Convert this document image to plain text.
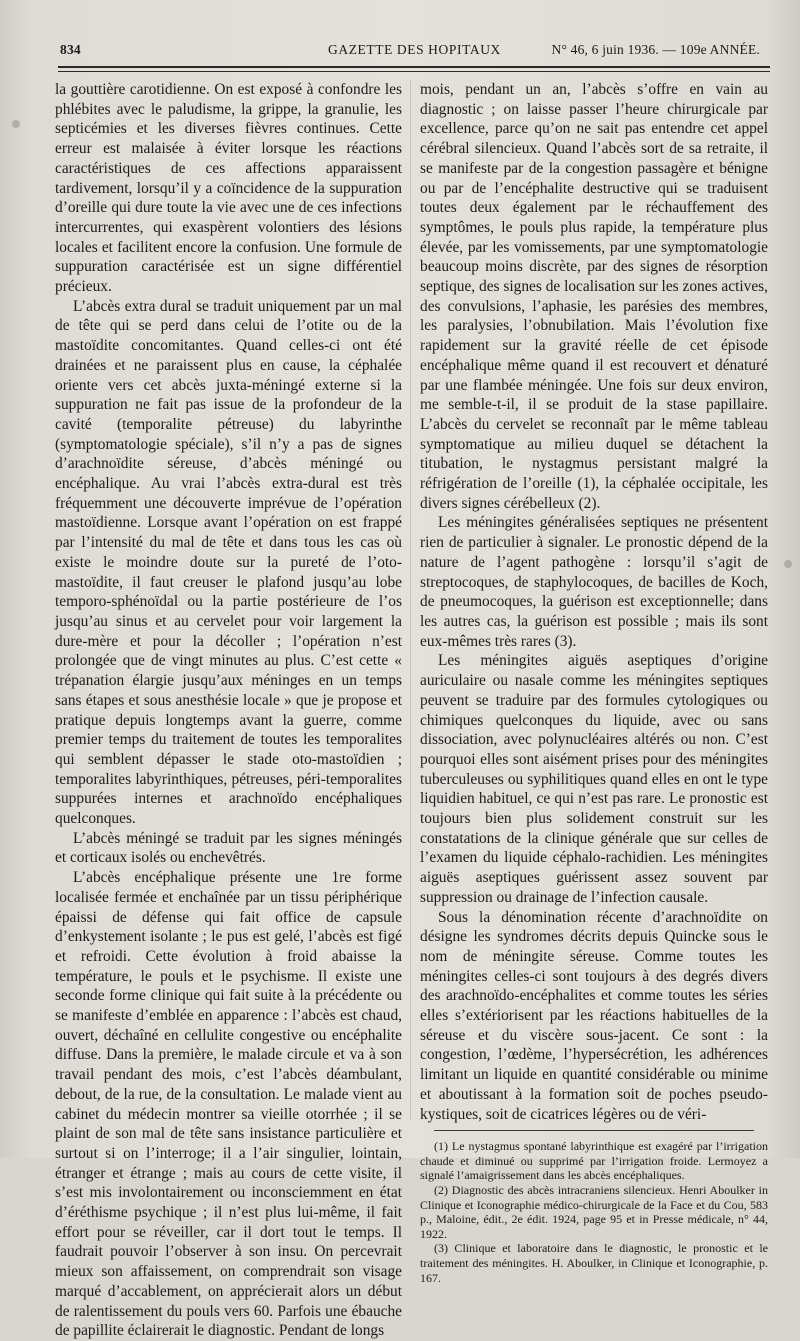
834	GAZETTE DES HOPITAUX	N° 46, 6 juin 1936. — 109e ANNÉE.

la gouttière carotidienne. On est exposé à confondre les phlébites avec le paludisme, la grippe, la granulie, les septicémies et les diverses fièvres continues. Cette erreur est malaisée à éviter lorsque les réactions caractéristiques de ces affections apparaissent tardivement, lorsqu’il y a coïncidence de la suppuration d’oreille qui dure toute la vie avec une de ces infections intercurrentes, qui exaspèrent volontiers des lésions locales et facilitent encore la confusion. Une formule de suppuration caractérisée est un signe différentiel précieux.

L’abcès extra dural se traduit uniquement par un mal de tête qui se perd dans celui de l’otite ou de la mastoïdite concomitantes. Quand celles-ci ont été drainées et ne paraissent plus en cause, la céphalée oriente vers cet abcès juxta-méningé externe si la suppuration ne fait pas issue de la profondeur de la cavité (temporalite pétreuse) du labyrinthe (symptomatologie spéciale), s’il n’y a pas de signes d’arachnoïdite séreuse, d’abcès méningé ou encéphalique. Au vrai l’abcès extra-dural est très fréquemment une découverte imprévue de l’opération mastoïdienne. Lorsque avant l’opération on est frappé par l’intensité du mal de tête et dans tous les cas où existe le moindre doute sur la pureté de l’oto-mastoïdite, il faut creuser le plafond jusqu’au lobe temporo-sphénoïdal ou la partie postérieure de l’os jusqu’au sinus et au cervelet pour voir largement la dure-mère et pour la décoller ; l’opération n’est prolongée que de vingt minutes au plus. C’est cette « trépanation élargie jusqu’aux méninges en un temps sans étapes et sous anesthésie locale » que je propose et pratique depuis longtemps avant la guerre, comme premier temps du traitement de toutes les temporalites qui semblent dépasser le stade oto-mastoïdien ; temporalites labyrinthiques, pétreuses, péri-temporalites suppurées internes et arachnoïdo encéphaliques quelconques.

L’abcès méningé se traduit par les signes méningés et corticaux isolés ou enchevêtrés.

L’abcès encéphalique présente une 1re forme localisée fermée et enchaînée par un tissu périphérique épaissi de défense qui fait office de capsule d’enkystement isolante ; le pus est gelé, l’abcès est figé et refroidi. Cette évolution à froid abaisse la température, le pouls et le psychisme. Il existe une seconde forme clinique qui fait suite à la précédente ou se manifeste d’emblée en apparence : l’abcès est chaud, ouvert, déchaîné en cellulite congestive ou encéphalite diffuse. Dans la première, le malade circule et va à son travail pendant des mois, c’est l’abcès déambulant, debout, de la rue, de la consultation. Le malade vient au cabinet du médecin montrer sa vieille otorrhée ; il se plaint de son mal de tête sans insistance particulière et surtout si on l’interroge; il a l’air singulier, lointain, étranger et étrange ; mais au cours de cette visite, il s’est mis involontairement ou inconsciemment en état d’éréthisme psychique ; il n’est plus lui-même, il fait effort pour se réveiller, car il dort tout le temps. Il faudrait pouvoir l’observer à son insu. On percevrait mieux son affaissement, on comprendrait son visage marqué d’accablement, on apprécierait alors un début de ralentissement du pouls vers 60. Parfois une ébauche de papillite éclairerait le diagnostic. Pendant de longs

mois, pendant un an, l’abcès s’offre en vain au diagnostic ; on laisse passer l’heure chirurgicale par excellence, parce qu’on ne sait pas entendre cet appel cérébral silencieux. Quand l’abcès sort de sa retraite, il se manifeste par de la congestion passagère et bénigne ou par de l’encéphalite destructive qui se traduisent toutes deux également par le réchauffement des symptômes, le pouls plus rapide, la température plus élevée, par les vomissements, par une symptomatologie beaucoup moins discrète, par des signes de résorption septique, des signes de localisation sur les zones actives, des convulsions, l’aphasie, les parésies des membres, les paralysies, l’obnubilation. Mais l’évolution fixe rapidement sur la gravité réelle de cet épisode encéphalique même quand il est recouvert et dénaturé par une flambée méningée. Une fois sur deux environ, me semble-t-il, il se produit de la stase papillaire. L’abcès du cervelet se reconnaît par le même tableau symptomatique au milieu duquel se détachent la titubation, le nystagmus persistant malgré la réfrigération de l’oreille (1), la céphalée occipitale, les divers signes cérébelleux (2).

Les méningites généralisées septiques ne présentent rien de particulier à signaler. Le pronostic dépend de la nature de l’agent pathogène : lorsqu’il s’agit de streptocoques, de staphylocoques, de bacilles de Koch, de pneumocoques, la guérison est exceptionnelle; dans les autres cas, la guérison est possible ; mais ils sont eux-mêmes très rares (3).

Les méningites aiguës aseptiques d’origine auriculaire ou nasale comme les méningites septiques peuvent se traduire par des formules cytologiques ou chimiques quelconques du liquide, avec ou sans dissociation, avec polynucléaires altérés ou non. C’est pourquoi elles sont aisément prises pour des méningites tuberculeuses ou syphilitiques quand elles en ont le type liquidien habituel, ce qui n’est pas rare. Le pronostic est toujours bien plus solidement construit sur les constatations de la clinique générale que sur celles de l’examen du liquide céphalo-rachidien. Les méningites aiguës aseptiques guérissent assez souvent par suppression ou drainage de l’infection causale.

Sous la dénomination récente d’arachnoïdite on désigne les syndromes décrits depuis Quincke sous le nom de méningite séreuse. Comme toutes les méningites celles-ci sont toujours à des degrés divers des arachnoïdo-encéphalites et comme toutes les séries elles s’extériorisent par les réactions habituelles de la séreuse et du viscère sous-jacent. Ce sont : la congestion, l’œdème, l’hypersécrétion, les adhérences limitant un liquide en quantité considérable ou minime et aboutissant à la formation soit de poches pseudo-kystiques, soit de cicatrices légères ou de véri-

(1) Le nystagmus spontané labyrinthique est exagéré par l’irrigation chaude et diminué ou supprimé par l’irrigation froide. Lermoyez a signalé l’amaigrissement dans les abcès encéphaliques.

(2) Diagnostic des abcès intracraniens silencieux. Henri Aboulker in Clinique et Iconographie médico-chirurgicale de la Face et du Cou, 583 p., Maloine, édit., 2e édit. 1924, page 95 et in Presse médicale, n° 44, 1922.

(3) Clinique et laboratoire dans le diagnostic, le pronostic et le traitement des méningites. H. Aboulker, in Clinique et Iconographie, p. 167.
